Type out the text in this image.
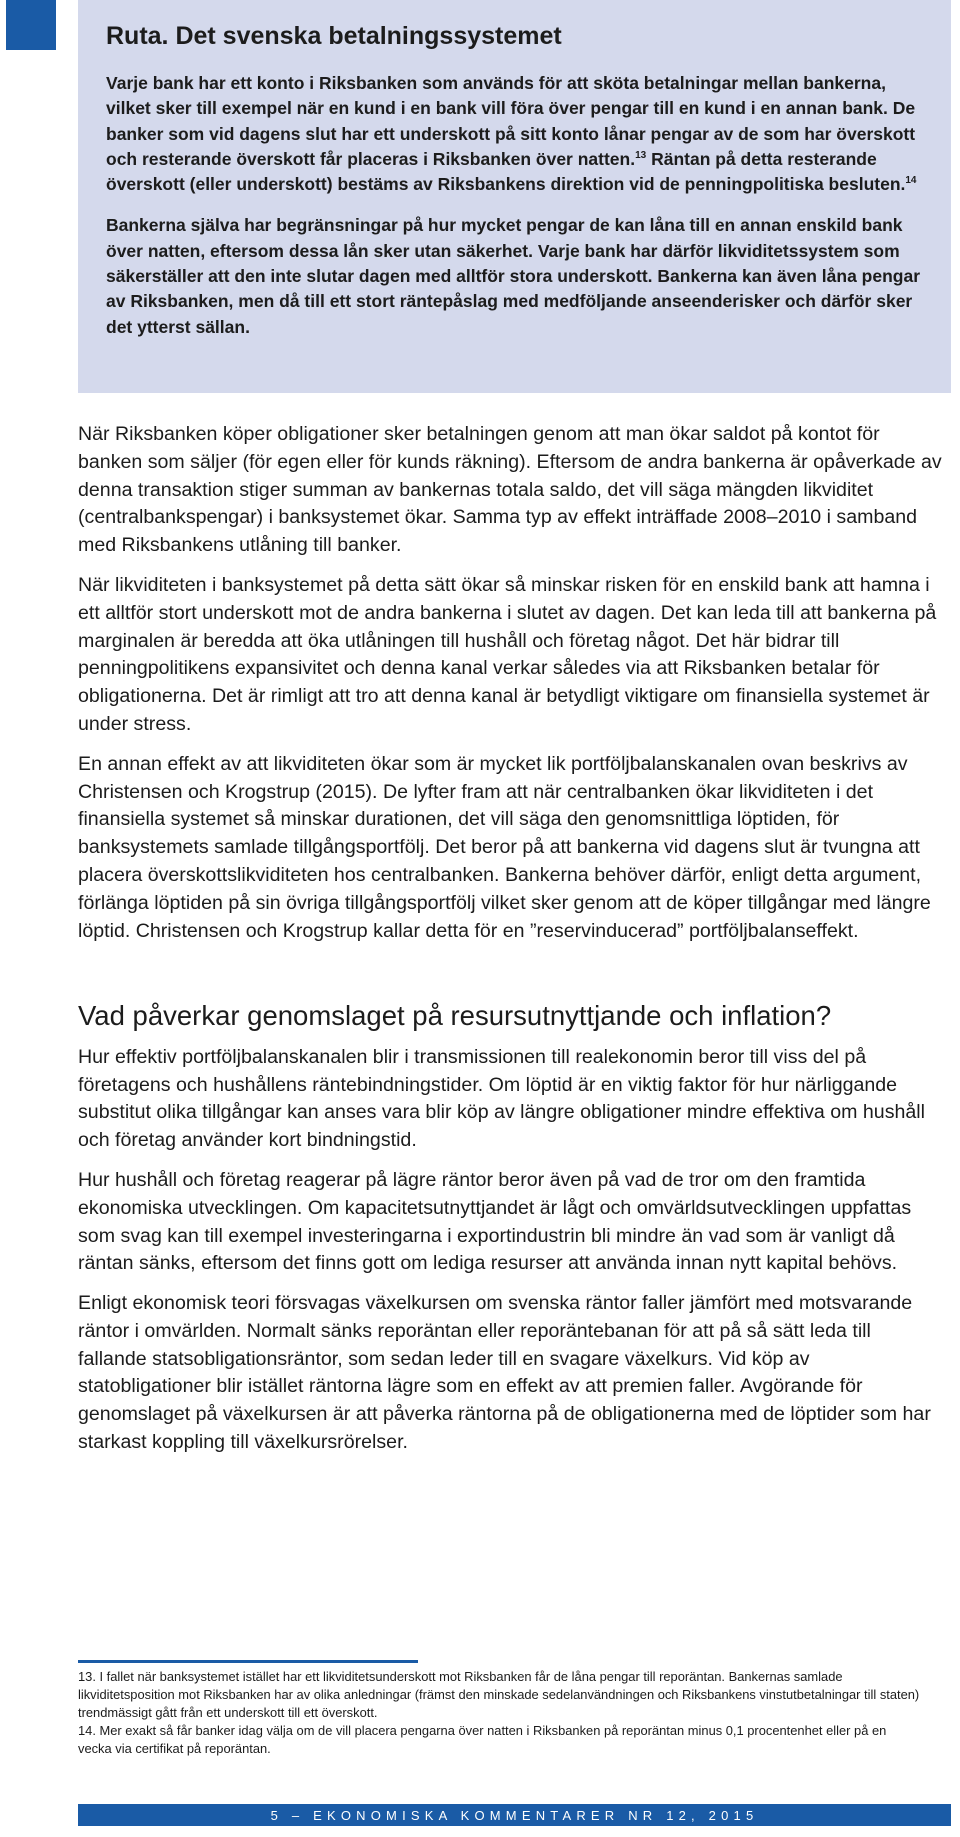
Ruta. Det svenska betalningssystemet

Varje bank har ett konto i Riksbanken som används för att sköta betalningar mellan bankerna, vilket sker till exempel när en kund i en bank vill föra över pengar till en kund i en annan bank. De banker som vid dagens slut har ett underskott på sitt konto lånar pengar av de som har överskott och resterande överskott får placeras i Riksbanken över natten.$^{13}$ Räntan på detta resterande överskott (eller underskott) bestäms av Riksbankens direktion vid de penningpolitiska besluten.$^{14}$

Bankerna själva har begränsningar på hur mycket pengar de kan låna till en annan enskild bank över natten, eftersom dessa lån sker utan säkerhet. Varje bank har därför likviditetssystem som säkerställer att den inte slutar dagen med alltför stora underskott. Bankerna kan även låna pengar av Riksbanken, men då till ett stort räntepåslag med medföljande anseenderisker och därför sker det ytterst sällan.

När Riksbanken köper obligationer sker betalningen genom att man ökar saldot på kontot för banken som säljer (för egen eller för kunds räkning). Eftersom de andra bankerna är opåverkade av denna transaktion stiger summan av bankernas totala saldo, det vill säga mängden likviditet (centralbankspengar) i banksystemet ökar. Samma typ av effekt inträffade 2008–2010 i samband med Riksbankens utlåning till banker.

När likviditeten i banksystemet på detta sätt ökar så minskar risken för en enskild bank att hamna i ett alltför stort underskott mot de andra bankerna i slutet av dagen. Det kan leda till att bankerna på marginalen är beredda att öka utlåningen till hushåll och företag något. Det här bidrar till penningpolitikens expansivitet och denna kanal verkar således via att Riksbanken betalar för obligationerna. Det är rimligt att tro att denna kanal är betydligt viktigare om finansiella systemet är under stress.

En annan effekt av att likviditeten ökar som är mycket lik portföljbalanskanalen ovan beskrivs av Christensen och Krogstrup (2015). De lyfter fram att när centralbanken ökar likviditeten i det finansiella systemet så minskar durationen, det vill säga den genomsnittliga löptiden, för banksystemets samlade tillgångsportfölj. Det beror på att bankerna vid dagens slut är tvungna att placera överskottslikviditeten hos centralbanken. Bankerna behöver därför, enligt detta argument, förlänga löptiden på sin övriga tillgångsportfölj vilket sker genom att de köper tillgångar med längre löptid. Christensen och Krogstrup kallar detta för en ”reservinducerad” portföljbalanseffekt.

Vad påverkar genomslaget på resursutnyttjande och inflation?

Hur effektiv portföljbalanskanalen blir i transmissionen till realekonomin beror till viss del på företagens och hushållens räntebindningstider. Om löptid är en viktig faktor för hur närliggande substitut olika tillgångar kan anses vara blir köp av längre obligationer mindre effektiva om hushåll och företag använder kort bindningstid.

Hur hushåll och företag reagerar på lägre räntor beror även på vad de tror om den framtida ekonomiska utvecklingen. Om kapacitetsutnyttjandet är lågt och omvärldsutvecklingen uppfattas som svag kan till exempel investeringarna i exportindustrin bli mindre än vad som är vanligt då räntan sänks, eftersom det finns gott om lediga resurser att använda innan nytt kapital behövs.

Enligt ekonomisk teori försvagas växelkursen om svenska räntor faller jämfört med motsvarande räntor i omvärlden. Normalt sänks reporäntan eller reporäntebanan för att på så sätt leda till fallande statsobligationsräntor, som sedan leder till en svagare växelkurs. Vid köp av statobligationer blir istället räntorna lägre som en effekt av att premien faller. Avgörande för genomslaget på växelkursen är att påverka räntorna på de obligationerna med de löptider som har starkast koppling till växelkursrörelser.

13. I fallet när banksystemet istället har ett likviditetsunderskott mot Riksbanken får de låna pengar till reporäntan. Bankernas samlade likviditetsposition mot Riksbanken har av olika anledningar (främst den minskade sedelanvändningen och Riksbankens vinstutbetalningar till staten) trendmässigt gått från ett underskott till ett överskott.

14. Mer exakt så får banker idag välja om de vill placera pengarna över natten i Riksbanken på reporäntan minus 0,1 procentenhet eller på en vecka via certifikat på reporäntan.

5 – EKONOMISKA KOMMENTARER NR 12, 2015
